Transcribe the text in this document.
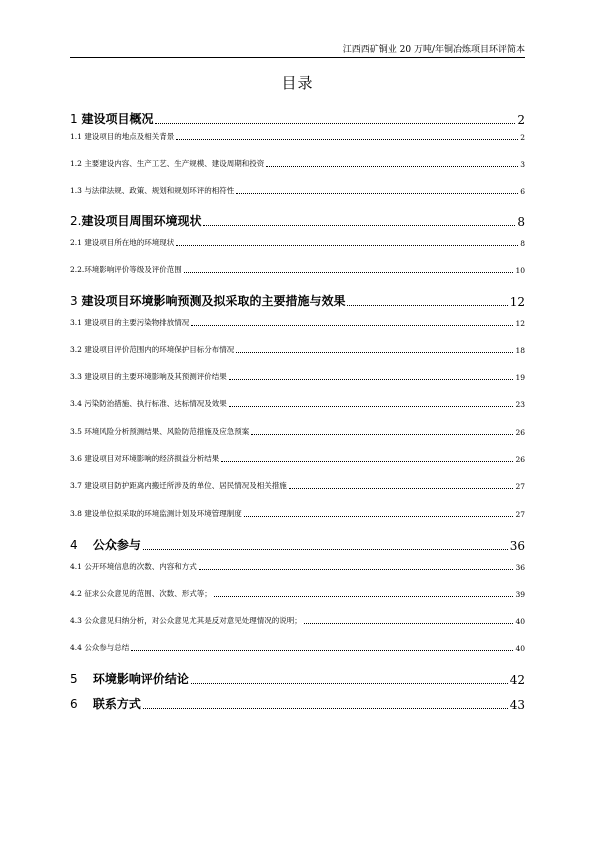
江西西矿铜业 20 万吨/年铜冶炼项目环评简本
目录
1 建设项目概况	2
1.1 建设项目的地点及相关背景	2
1.2 主要建设内容、生产工艺、生产规模、建设周期和投资	3
1.3 与法律法规、政策、规划和规划环评的相符性	6
2.建设项目周围环境现状	8
2.1 建设项目所在地的环境现状	8
2.2.环境影响评价等级及评价范围	10
3 建设项目环境影响预测及拟采取的主要措施与效果	12
3.1 建设项目的主要污染物排放情况	12
3.2 建设项目评价范围内的环境保护目标分布情况	18
3.3 建设项目的主要环境影响及其预测评价结果	19
3.4 污染防治措施、执行标准、达标情况及效果	23
3.5 环境风险分析预测结果、风险防范措施及应急预案	26
3.6 建设项目对环境影响的经济损益分析结果	26
3.7 建设项目防护距离内搬迁所涉及的单位、居民情况及相关措施	27
3.8 建设单位拟采取的环境监测计划及环境管理制度	27
4    公众参与	36
4.1 公开环境信息的次数、内容和方式	36
4.2 征求公众意见的范围、次数、形式等；	39
4.3 公众意见归纳分析，对公众意见尤其是反对意见处理情况的说明；	40
4.4 公众参与总结	40
5    环境影响评价结论	42
6    联系方式	43
